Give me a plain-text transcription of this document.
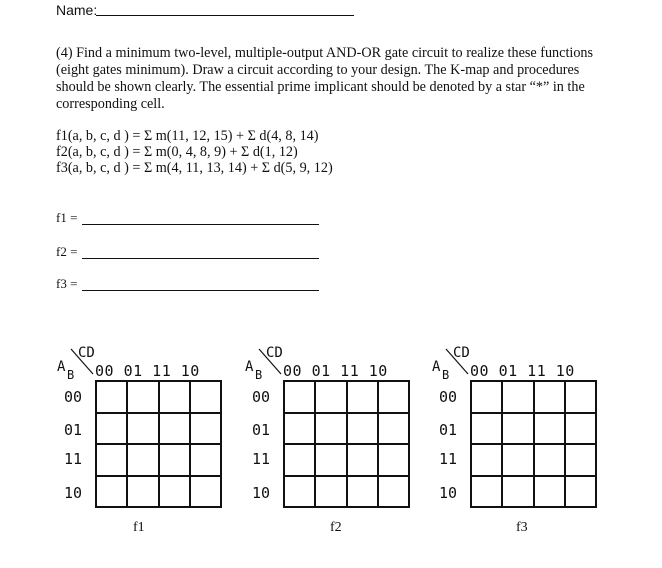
Name:
(4) Find a minimum two-level, multiple-output AND-OR gate circuit to realize these functions (eight gates minimum). Draw a circuit according to your design. The K-map and procedures should be shown clearly. The essential prime implicant should be denoted by a star “*” in the corresponding cell.
f1(a, b, c, d ) = Σ m(11, 12, 15) + Σ d(4, 8, 14)
f2(a, b, c, d ) = Σ m(0, 4, 8, 9) + Σ d(1, 12)
f3(a, b, c, d ) = Σ m(4, 11, 13, 14) + Σ d(5, 9, 12)
f1 =
f2 =
f3 =
CD
A B 00 01 11 10
00
01
11
10

f1
CD
A B 00 01 11 10
00
01
11
10

f2
CD
A B 00 01 11 10
00
01
11
10

f3
